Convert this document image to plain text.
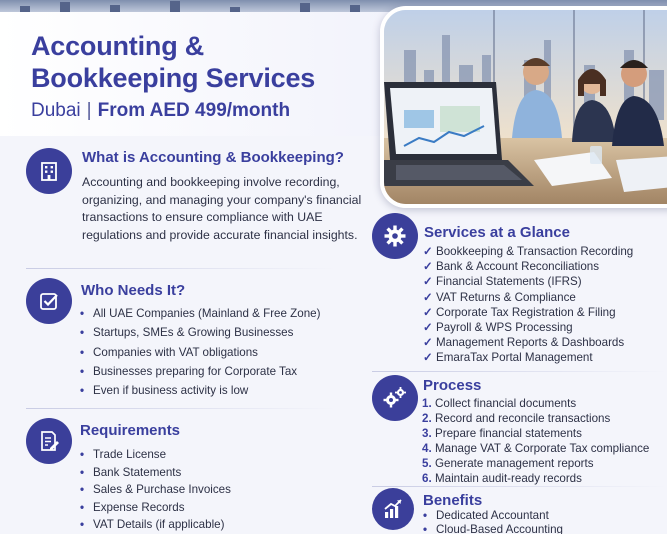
Accounting &
Bookkeeping Services
Dubai | From AED 499/month
What is Accounting & Bookkeeping?

Accounting and bookkeeping involve recording, organizing, and managing your company's financial transactions to ensure compliance with UAE regulations and provide accurate financial insights.

Who Needs It?
• All UAE Companies (Mainland & Free Zone)
• Startups, SMEs & Growing Businesses
• Companies with VAT obligations
• Businesses preparing for Corporate Tax
• Even if business activity is low
Requirements
• Trade License
• Bank Statements
• Sales & Purchase Invoices
• Expense Records
• VAT Details (if applicable)
Services at a Glance
✓ Bookkeeping & Transaction Recording
✓ Bank & Account Reconciliations
✓ Financial Statements (IFRS)
✓ VAT Returns & Compliance
✓ Corporate Tax Registration & Filing
✓ Payroll & WPS Processing
✓ Management Reports & Dashboards
✓ EmaraTax Portal Management
Process
1. Collect financial documents
2. Record and reconcile transactions
3. Prepare financial statements
4. Manage VAT & Corporate Tax compliance
5. Generate management reports
6. Maintain audit-ready records
Benefits
• Dedicated Accountant
• Cloud-Based Accounting
